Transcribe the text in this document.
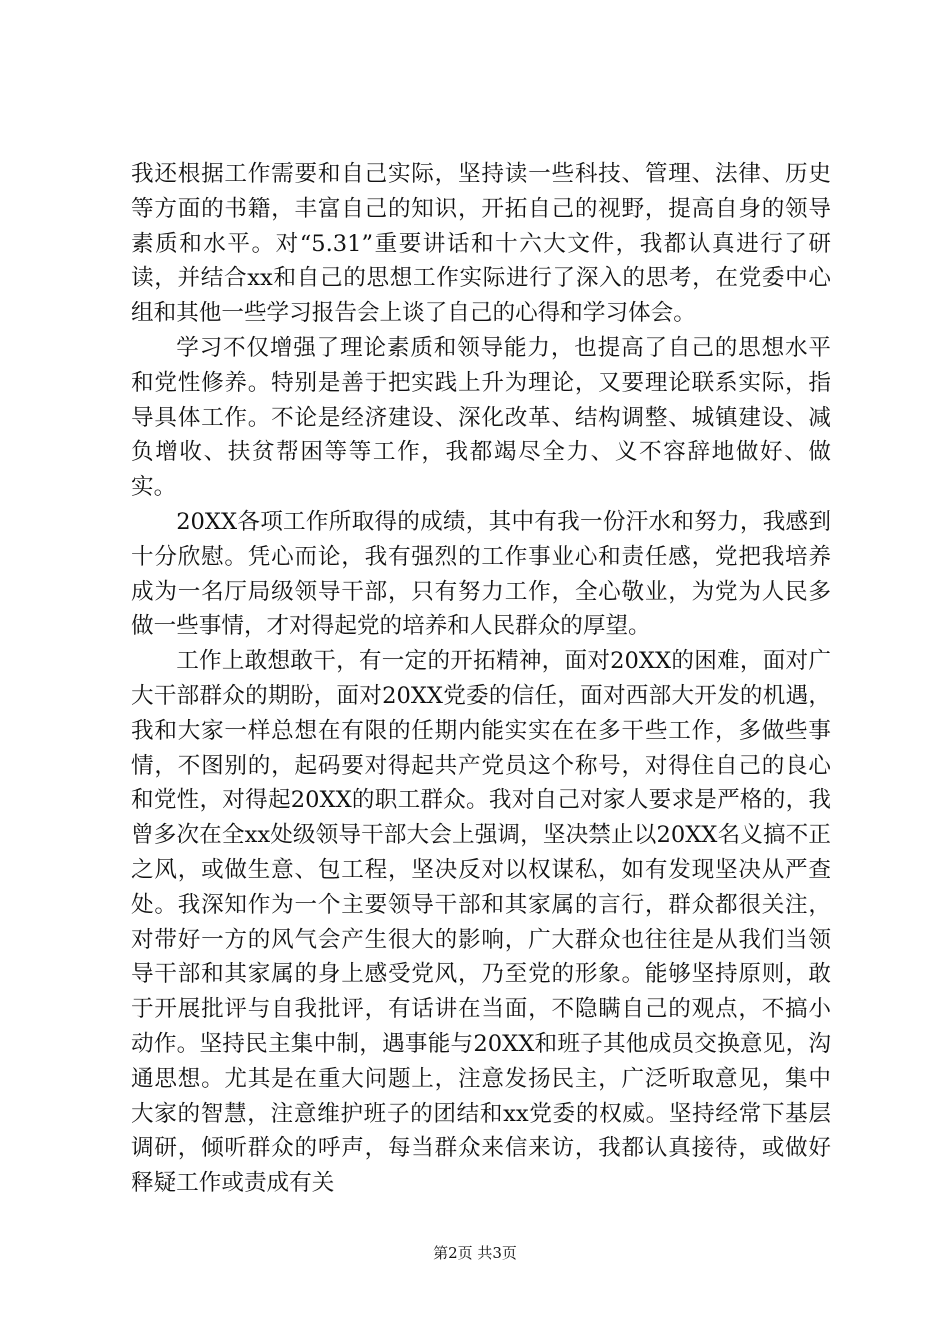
我还根据工作需要和自己实际，坚持读一些科技、管理、法律、历史等方面的书籍，丰富自己的知识，开拓自己的视野，提高自身的领导素质和水平。对“5.31”重要讲话和十六大文件，我都认真进行了研读，并结合xx和自己的思想工作实际进行了深入的思考，在党委中心组和其他一些学习报告会上谈了自己的心得和学习体会。

学习不仅增强了理论素质和领导能力，也提高了自己的思想水平和党性修养。特别是善于把实践上升为理论，又要理论联系实际，指导具体工作。不论是经济建设、深化改革、结构调整、城镇建设、减负增收、扶贫帮困等等工作，我都竭尽全力、义不容辞地做好、做实。

20XX各项工作所取得的成绩，其中有我一份汗水和努力，我感到十分欣慰。凭心而论，我有强烈的工作事业心和责任感，党把我培养成为一名厅局级领导干部，只有努力工作，全心敬业，为党为人民多做一些事情，才对得起党的培养和人民群众的厚望。

工作上敢想敢干，有一定的开拓精神，面对20XX的困难，面对广大干部群众的期盼，面对20XX党委的信任，面对西部大开发的机遇，我和大家一样总想在有限的任期内能实实在在多干些工作，多做些事情，不图别的，起码要对得起共产党员这个称号，对得住自己的良心和党性，对得起20XX的职工群众。我对自己对家人要求是严格的，我曾多次在全xx处级领导干部大会上强调，坚决禁止以20XX名义搞不正之风，或做生意、包工程，坚决反对以权谋私，如有发现坚决从严查处。我深知作为一个主要领导干部和其家属的言行，群众都很关注，对带好一方的风气会产生很大的影响，广大群众也往往是从我们当领导干部和其家属的身上感受党风，乃至党的形象。能够坚持原则，敢于开展批评与自我批评，有话讲在当面，不隐瞒自己的观点，不搞小动作。坚持民主集中制，遇事能与20XX和班子其他成员交换意见，沟通思想。尤其是在重大问题上，注意发扬民主，广泛听取意见，集中大家的智慧，注意维护班子的团结和xx党委的权威。坚持经常下基层调研，倾听群众的呼声，每当群众来信来访，我都认真接待，或做好释疑工作或责成有关

第2页 共3页
